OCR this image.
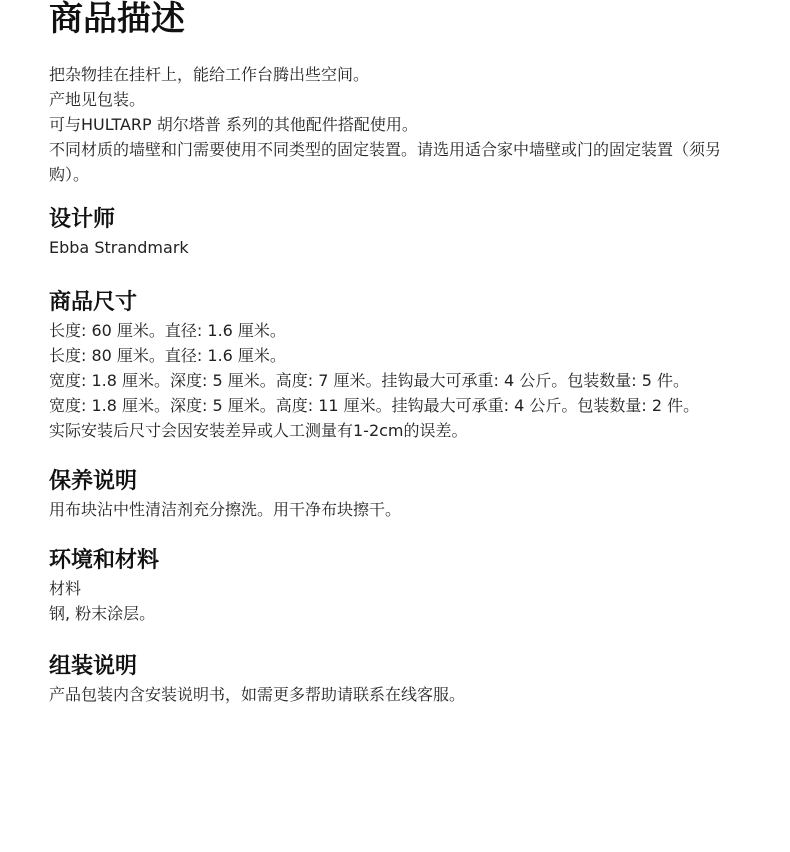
商品描述

把杂物挂在挂杆上，能给工作台腾出些空间。

产地见包装。

可与HULTARP 胡尔塔普 系列的其他配件搭配使用。

不同材质的墙壁和门需要使用不同类型的固定装置。请选用适合家中墙壁或门的固定装置（须另购）。

设计师

Ebba Strandmark

商品尺寸

长度: 60 厘米。直径: 1.6 厘米。

长度: 80 厘米。直径: 1.6 厘米。

宽度: 1.8 厘米。深度: 5 厘米。高度: 7 厘米。挂钩最大可承重: 4 公斤。包装数量: 5 件。

宽度: 1.8 厘米。深度: 5 厘米。高度: 11 厘米。挂钩最大可承重: 4 公斤。包装数量: 2 件。

实际安装后尺寸会因安装差异或人工测量有1-2cm的误差。

保养说明

用布块沾中性清洁剂充分擦洗。用干净布块擦干。

环境和材料

材料

钢, 粉末涂层。

组装说明

产品包装内含安装说明书，如需更多帮助请联系在线客服。
